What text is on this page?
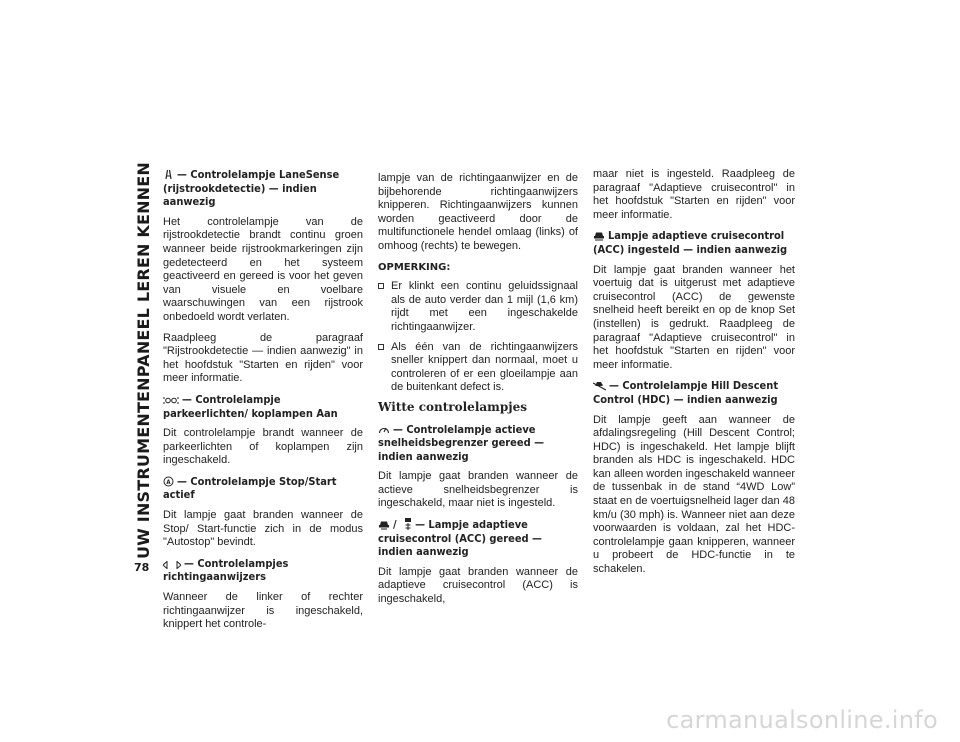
UW INSTRUMENTENPANEEL LEREN KENNEN
78
— Controlelampje LaneSense (rijstrookdetectie) — indien aanwezig

Het controlelampje van de rijstrookdetectie brandt continu groen wanneer beide rijstrookmarkeringen zijn gedetecteerd en het systeem geactiveerd en gereed is voor het geven van visuele en voelbare waarschuwingen van een rijstrook onbedoeld wordt verlaten.

Raadpleeg de paragraaf "Rijstrookdetectie — indien aanwezig" in het hoofdstuk "Starten en rijden" voor meer informatie.

— Controlelampje parkeerlichten/ koplampen Aan

Dit controlelampje brandt wanneer de parkeerlichten of koplampen zijn ingeschakeld.

A — Controlelampje Stop/Start actief

Dit lampje gaat branden wanneer de Stop/ Start-functie zich in de modus "Autostop" bevindt.

— Controlelampjes richtingaanwijzers

Wanneer de linker of rechter richtingaanwijzer is ingeschakeld, knippert het controle-

lampje van de richtingaanwijzer en de bijbehorende richtingaanwijzers knipperen. Richtingaanwijzers kunnen worden geactiveerd door de multifunctionele hendel omlaag (links) of omhoog (rechts) te bewegen.

OPMERKING:
Er klinkt een continu geluidssignaal als de auto verder dan 1 mijl (1,6 km) rijdt met een ingeschakelde richtingaanwijzer.
Als één van de richtingaanwijzers sneller knippert dan normaal, moet u controleren of er een gloeilampje aan de buitenkant defect is.
Witte controlelampjes
— Controlelampje actieve snelheidsbegrenzer gereed — indien aanwezig

Dit lampje gaat branden wanneer de actieve snelheidsbegrenzer is ingeschakeld, maar niet is ingesteld.

/ — Lampje adaptieve cruisecontrol (ACC) gereed — indien aanwezig

Dit lampje gaat branden wanneer de adaptieve cruisecontrol (ACC) is ingeschakeld,

maar niet is ingesteld. Raadpleeg de paragraaf "Adaptieve cruisecontrol" in het hoofdstuk "Starten en rijden" voor meer informatie.

Lampje adaptieve cruisecontrol (ACC) ingesteld — indien aanwezig

Dit lampje gaat branden wanneer het voertuig dat is uitgerust met adaptieve cruisecontrol (ACC) de gewenste snelheid heeft bereikt en op de knop Set (instellen) is gedrukt. Raadpleeg de paragraaf "Adaptieve cruisecontrol" in het hoofdstuk "Starten en rijden" voor meer informatie.

— Controlelampje Hill Descent Control (HDC) — indien aanwezig

Dit lampje geeft aan wanneer de afdalingsregeling (Hill Descent Control; HDC) is ingeschakeld. Het lampje blijft branden als HDC is ingeschakeld. HDC kan alleen worden ingeschakeld wanneer de tussenbak in de stand “4WD Low” staat en de voertuigsnelheid lager dan 48 km/u (30 mph) is. Wanneer niet aan deze voorwaarden is voldaan, zal het HDC-controlelampje gaan knipperen, wanneer u probeert de HDC-functie in te schakelen.

carmanualsonline.info
